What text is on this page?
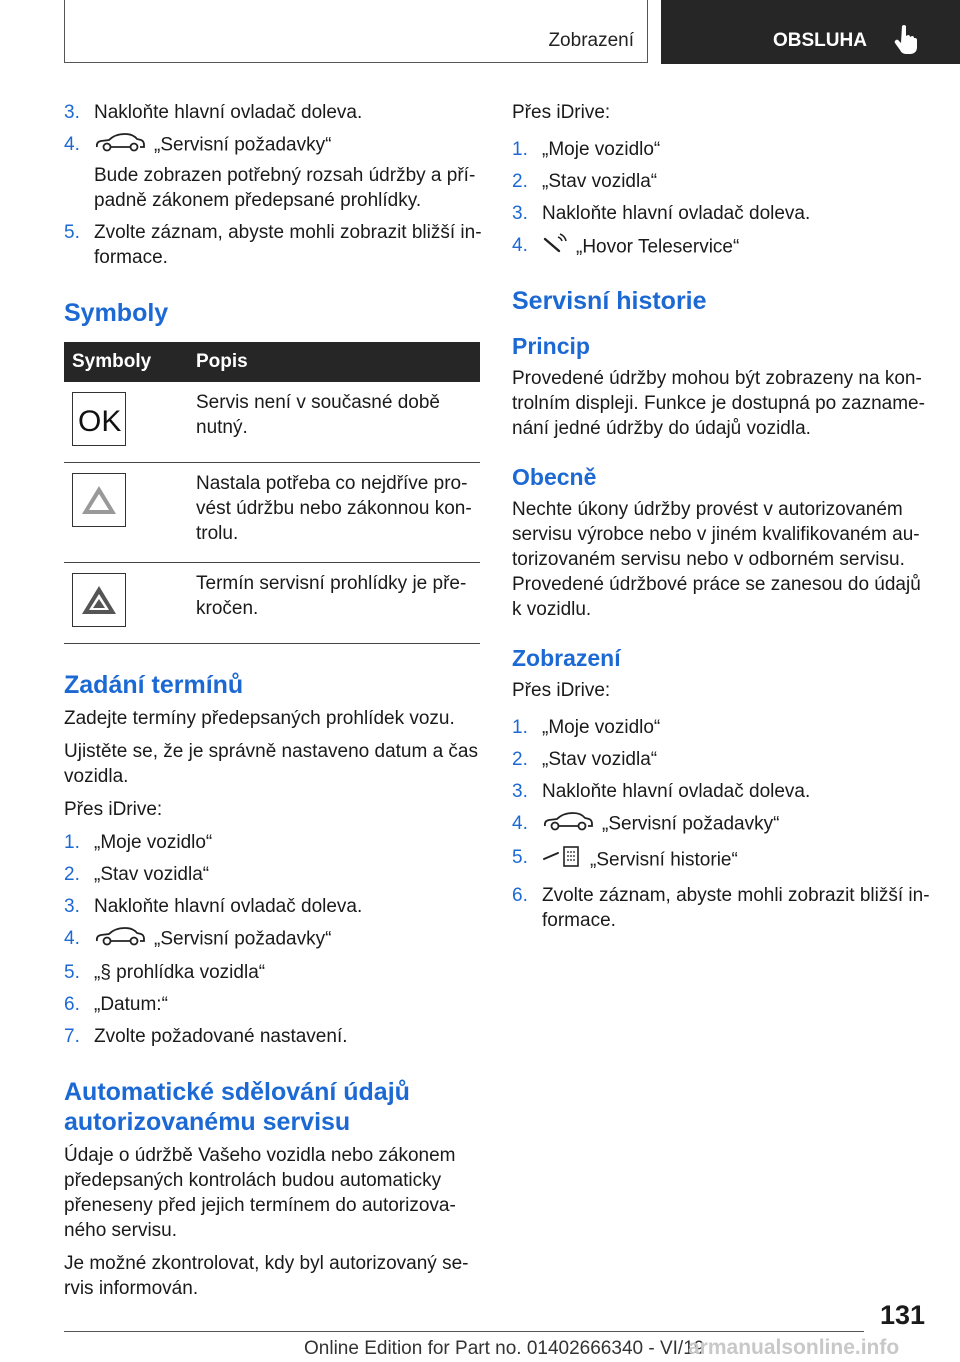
Zobrazení	OBSLUHA
3. Nakloňte hlavní ovladač doleva.
4.	„Servisní požadavky“
Bude zobrazen potřebný rozsah údržby a pří- padně zákonem předepsané prohlídky.
5. Zvolte záznam, abyste mohli zobrazit bližší in- formace.
Symboly
Symboly	Popis

OK	Servis není v současné době nutný.

	Nastala potřeba co nejdříve pro- vést údržbu nebo zákonnou kon- trolu.

	Termín servisní prohlídky je pře- kročen.
Zadání termínů

Zadejte termíny předepsaných prohlídek vozu.

Ujistěte se, že je správně nastaveno datum a čas vozidla.

Přes iDrive:

1. „Moje vozidlo“
2. „Stav vozidla“
3. Nakloňte hlavní ovladač doleva.
4.	„Servisní požadavky“
5. „§ prohlídka vozidla“
6. „Datum:“
7. Zvolte požadované nastavení.
Automatické sdělování údajů autorizovanému servisu

Údaje o údržbě Vašeho vozidla nebo zákonem předepsaných kontrolách budou automaticky přeneseny před jejich termínem do autorizova- ného servisu.

Je možné zkontrolovat, kdy byl autorizovaný se- rvis informován.

Přes iDrive:

1. „Moje vozidlo“
2. „Stav vozidla“
3. Nakloňte hlavní ovladač doleva.
4.	„Hovor Teleservice“
Servisní historie
Princip

Provedené údržby mohou být zobrazeny na kon- trolním displeji. Funkce je dostupná po zazname- nání jedné údržby do údajů vozidla.

Obecně

Nechte úkony údržby provést v autorizovaném servisu výrobce nebo v jiném kvalifikovaném au- torizovaném servisu nebo v odborném servisu. Provedené údržbové práce se zanesou do údajů k vozidlu.

Zobrazení

Přes iDrive:

1. „Moje vozidlo“
2. „Stav vozidla“
3. Nakloňte hlavní ovladač doleva.
4.	„Servisní požadavky“
5.	„Servisní historie“
6. Zvolte záznam, abyste mohli zobrazit bližší in- formace.
131
Online Edition for Part no. 01402666340 - VI/19
armanualsonline.info
